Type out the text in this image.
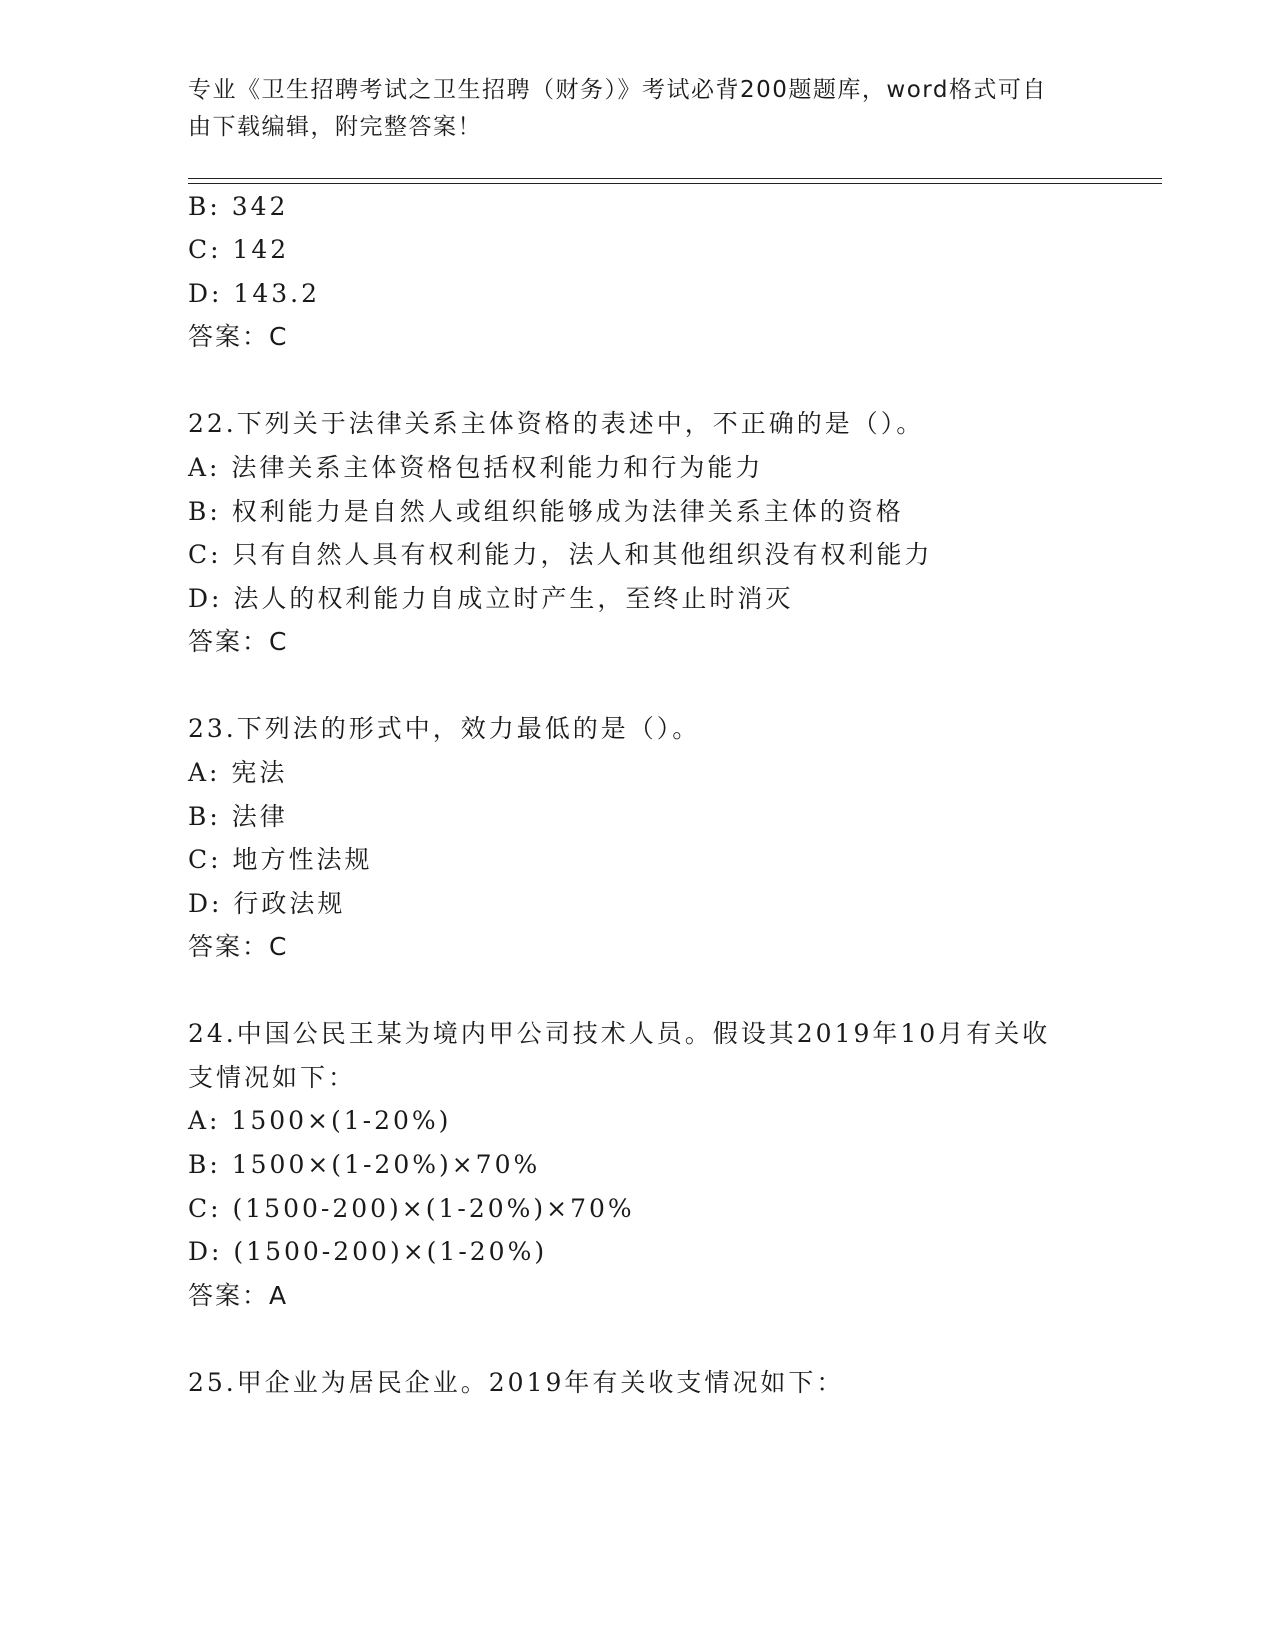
专业《卫生招聘考试之卫生招聘（财务）》考试必背200题题库，word格式可自
由下载编辑，附完整答案！
B: 342
C: 142
D: 143.2
答案：C
22.下列关于法律关系主体资格的表述中，不正确的是（）。
A: 法律关系主体资格包括权利能力和行为能力
B: 权利能力是自然人或组织能够成为法律关系主体的资格
C: 只有自然人具有权利能力，法人和其他组织没有权利能力
D: 法人的权利能力自成立时产生，至终止时消灭
答案：C
23.下列法的形式中，效力最低的是（）。
A: 宪法
B: 法律
C: 地方性法规
D: 行政法规
答案：C
24.中国公民王某为境内甲公司技术人员。假设其2019年10月有关收
支情况如下：
A: 1500×(1-20%)
B: 1500×(1-20%)×70%
C: (1500-200)×(1-20%)×70%
D: (1500-200)×(1-20%)
答案：A
25.甲企业为居民企业。2019年有关收支情况如下：
